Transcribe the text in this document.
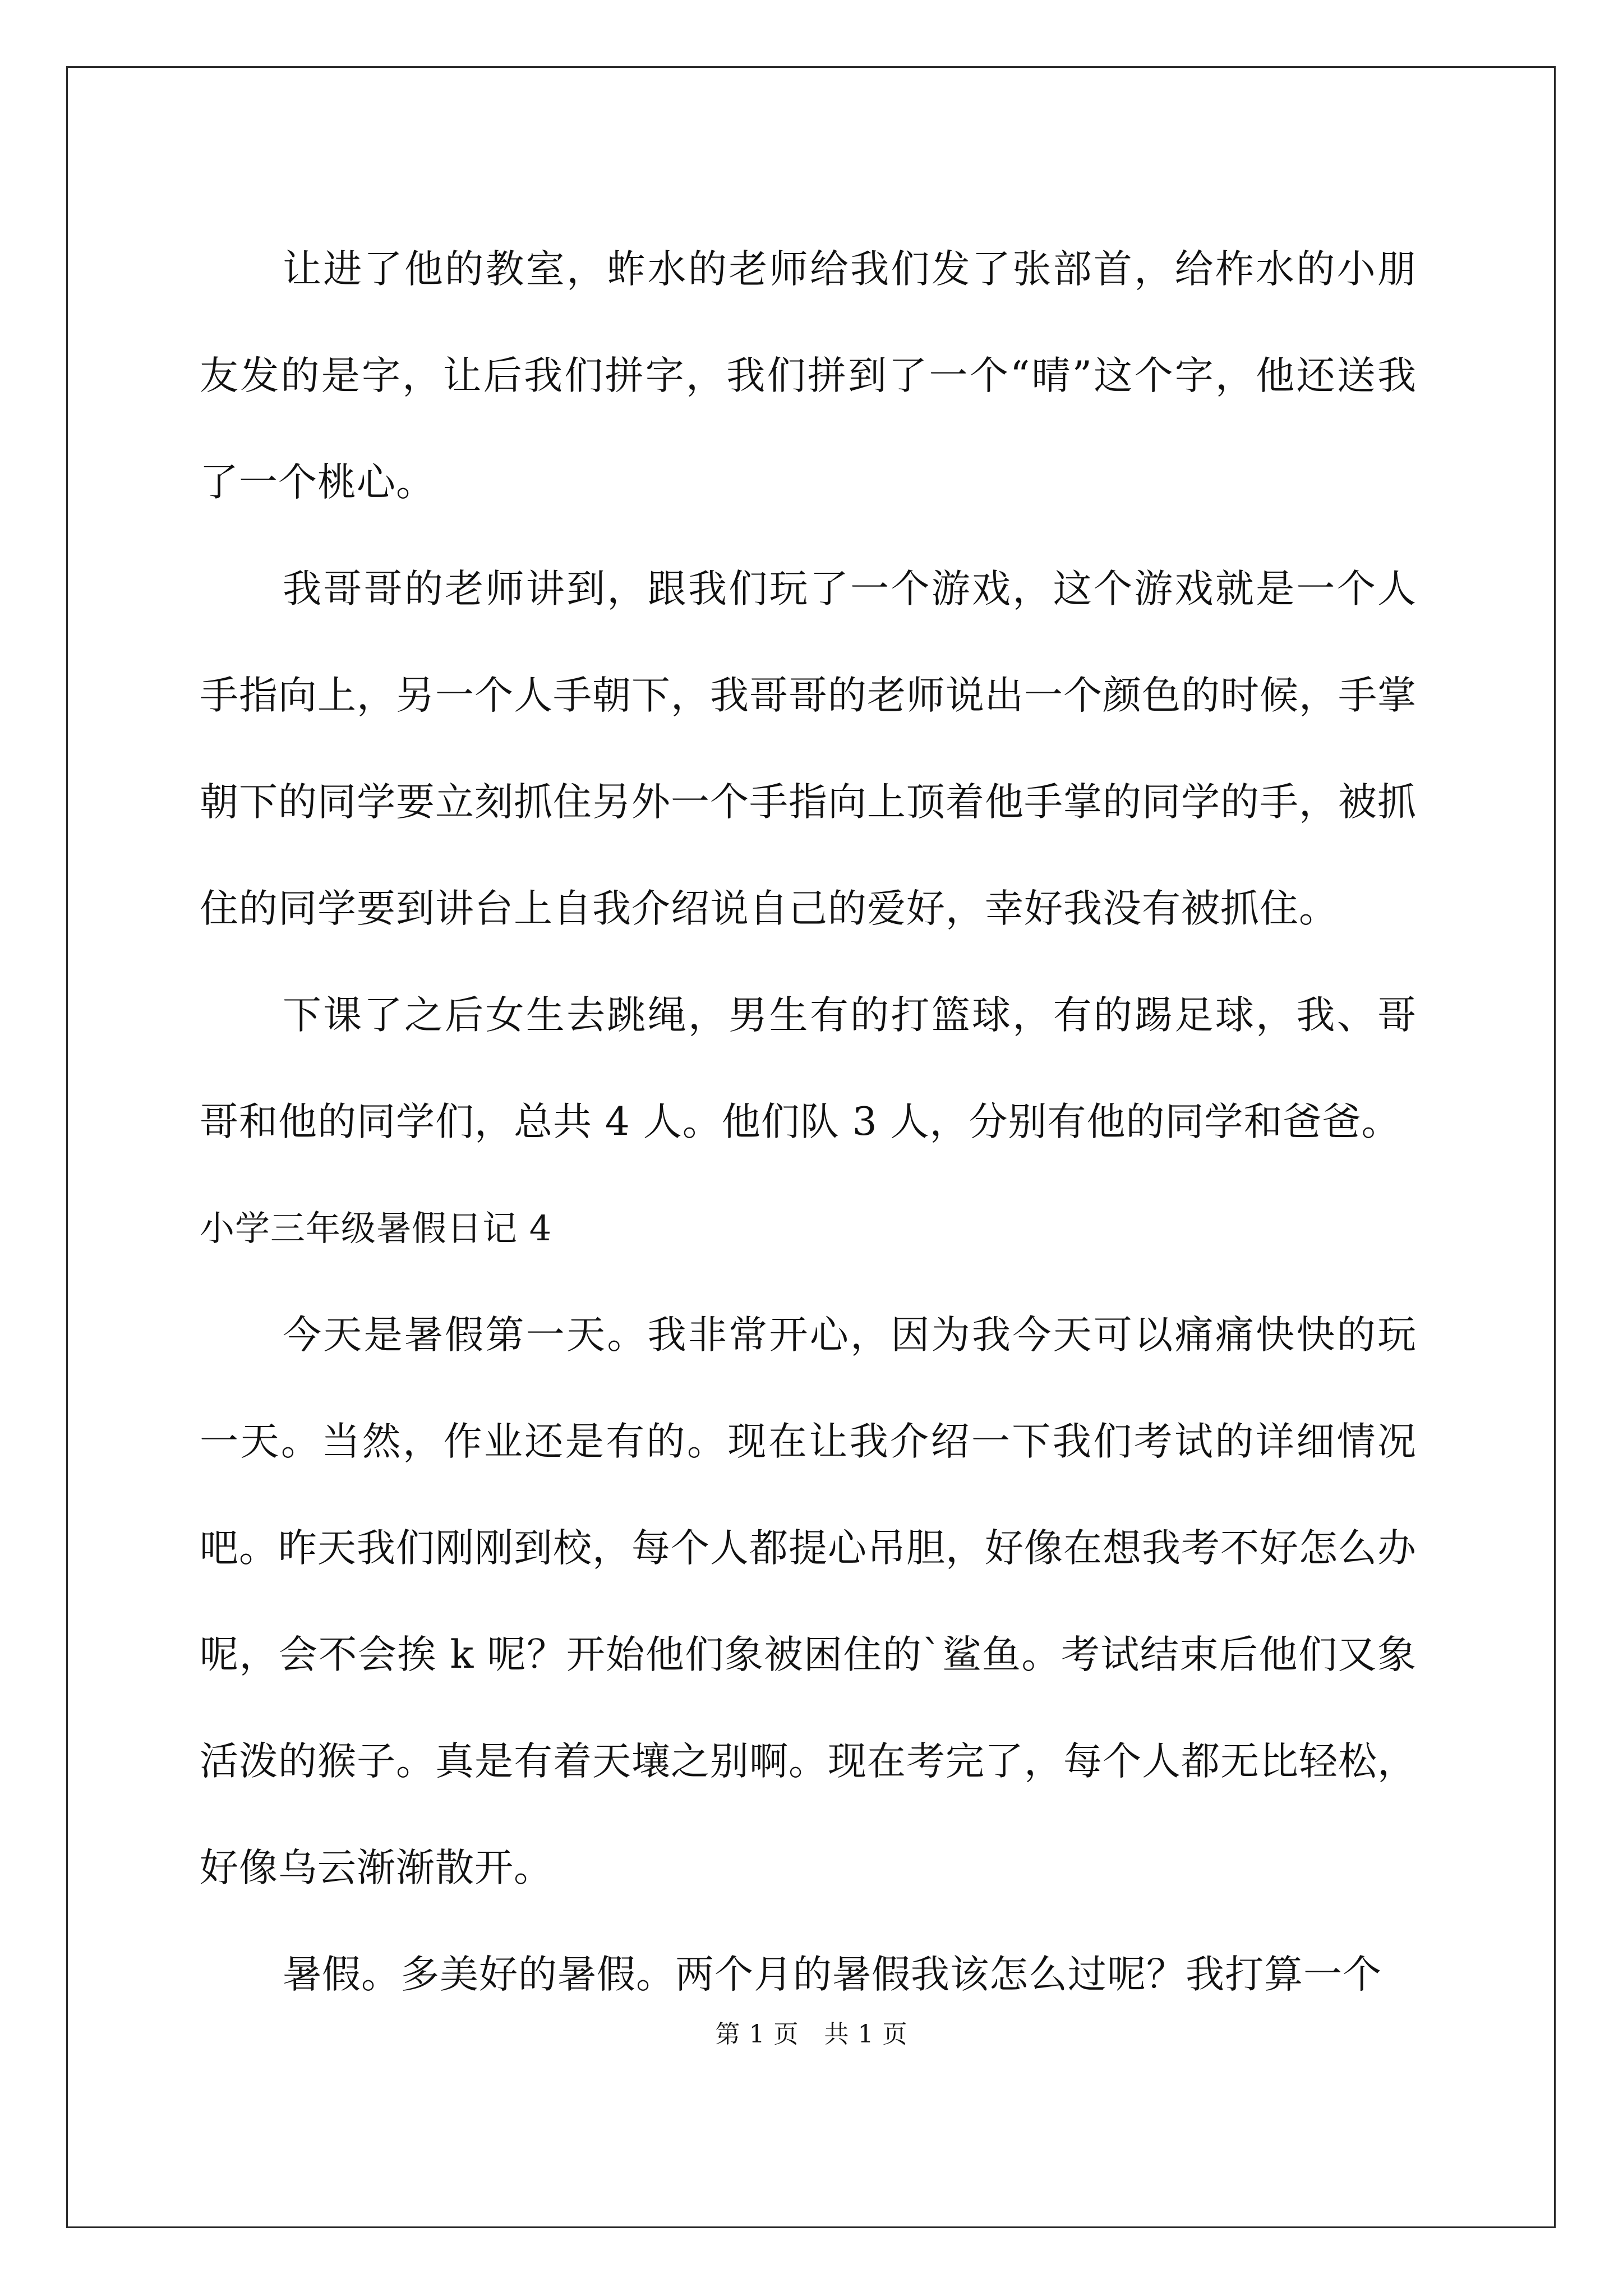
让进了他的教室，蚱水的老师给我们发了张部首，给柞水的小朋友发的是字，让后我们拼字，我们拼到了一个“晴”这个字，他还送我了一个桃心。

我哥哥的老师讲到，跟我们玩了一个游戏，这个游戏就是一个人手指向上，另一个人手朝下，我哥哥的老师说出一个颜色的时候，手掌朝下的同学要立刻抓住另外一个手指向上顶着他手掌的同学的手，被抓住的同学要到讲台上自我介绍说自己的爱好，幸好我没有被抓住。

下课了之后女生去跳绳，男生有的打篮球，有的踢足球，我、哥哥和他的同学们，总共 4 人。他们队 3 人，分别有他的同学和爸爸。

小学三年级暑假日记 4

今天是暑假第一天。我非常开心，因为我今天可以痛痛快快的玩一天。当然，作业还是有的。现在让我介绍一下我们考试的详细情况吧。昨天我们刚刚到校，每个人都提心吊胆，好像在想我考不好怎么办呢，会不会挨 k 呢？开始他们象被困住的`鲨鱼。考试结束后他们又象活泼的猴子。真是有着天壤之别啊。现在考完了，每个人都无比轻松，好像乌云渐渐散开。

暑假。多美好的暑假。两个月的暑假我该怎么过呢？我打算一个

第 1 页　共 1 页
